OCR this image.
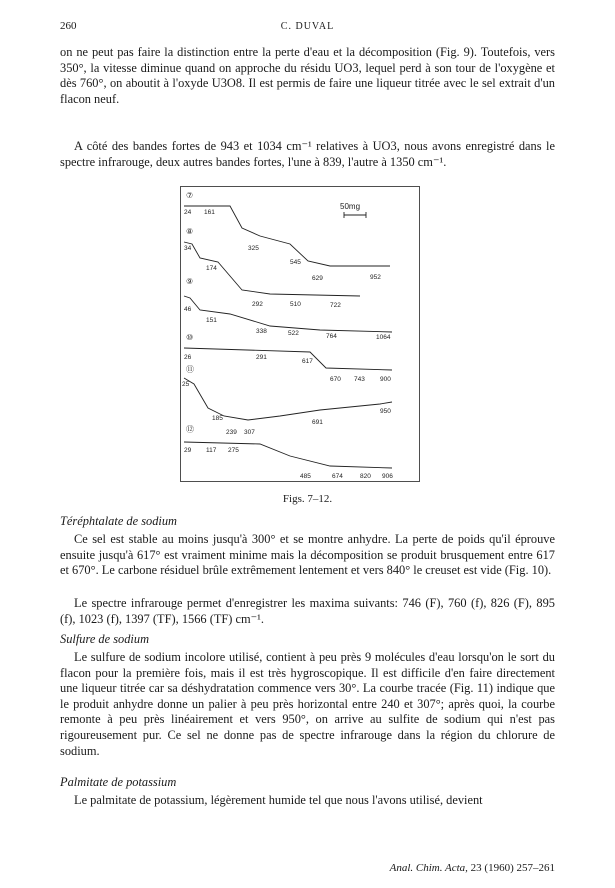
260	C. DUVAL

on ne peut pas faire la distinction entre la perte d'eau et la décomposition (Fig. 9). Toutefois, vers 350°, la vitesse diminue quand on approche du résidu UO3, lequel perd à son tour de l'oxygène et dès 760°, on aboutit à l'oxyde U3O8. Il est permis de faire une liqueur titrée avec le sel extrait d'un flacon neuf.

A côté des bandes fortes de 943 et 1034 cm⁻¹ relatives à UO3, nous avons enregistré dans le spectre infrarouge, deux autres bandes fortes, l'une à 839, l'autre à 1350 cm⁻¹.

50mg
⑦
24 161
325
545
629	952
⑧
34
174
292	510	722
⑨
46
151
338	522	764	1064
⑩
26	291
617
670 743 900
⑪
25
185
239 307
691
950
⑫
29 117 275
485	674	820 906
Figs. 7–12.

Téréphtalate de sodium

Ce sel est stable au moins jusqu'à 300° et se montre anhydre. La perte de poids qu'il éprouve ensuite jusqu'à 617° est vraiment minime mais la décomposition se produit brusquement entre 617 et 670°. Le carbone résiduel brûle extrêmement lentement et vers 840° le creuset est vide (Fig. 10).

Le spectre infrarouge permet d'enregistrer les maxima suivants: 746 (F), 760 (f), 826 (F), 895 (f), 1023 (f), 1397 (TF), 1566 (TF) cm⁻¹.

Sulfure de sodium

Le sulfure de sodium incolore utilisé, contient à peu près 9 molécules d'eau lorsqu'on le sort du flacon pour la première fois, mais il est très hygroscopique. Il est difficile d'en faire directement une liqueur titrée car sa déshydratation commence vers 30°. La courbe tracée (Fig. 11) indique que le produit anhydre donne un palier à peu près horizontal entre 240 et 307°; après quoi, la courbe remonte à peu près linéairement et vers 950°, on arrive au sulfite de sodium qui n'est pas rigoureusement pur. Ce sel ne donne pas de spectre infrarouge dans la région du chlorure de sodium.

Palmitate de potassium

Le palmitate de potassium, légèrement humide tel que nous l'avons utilisé, devient

Anal. Chim. Acta, 23 (1960) 257–261
